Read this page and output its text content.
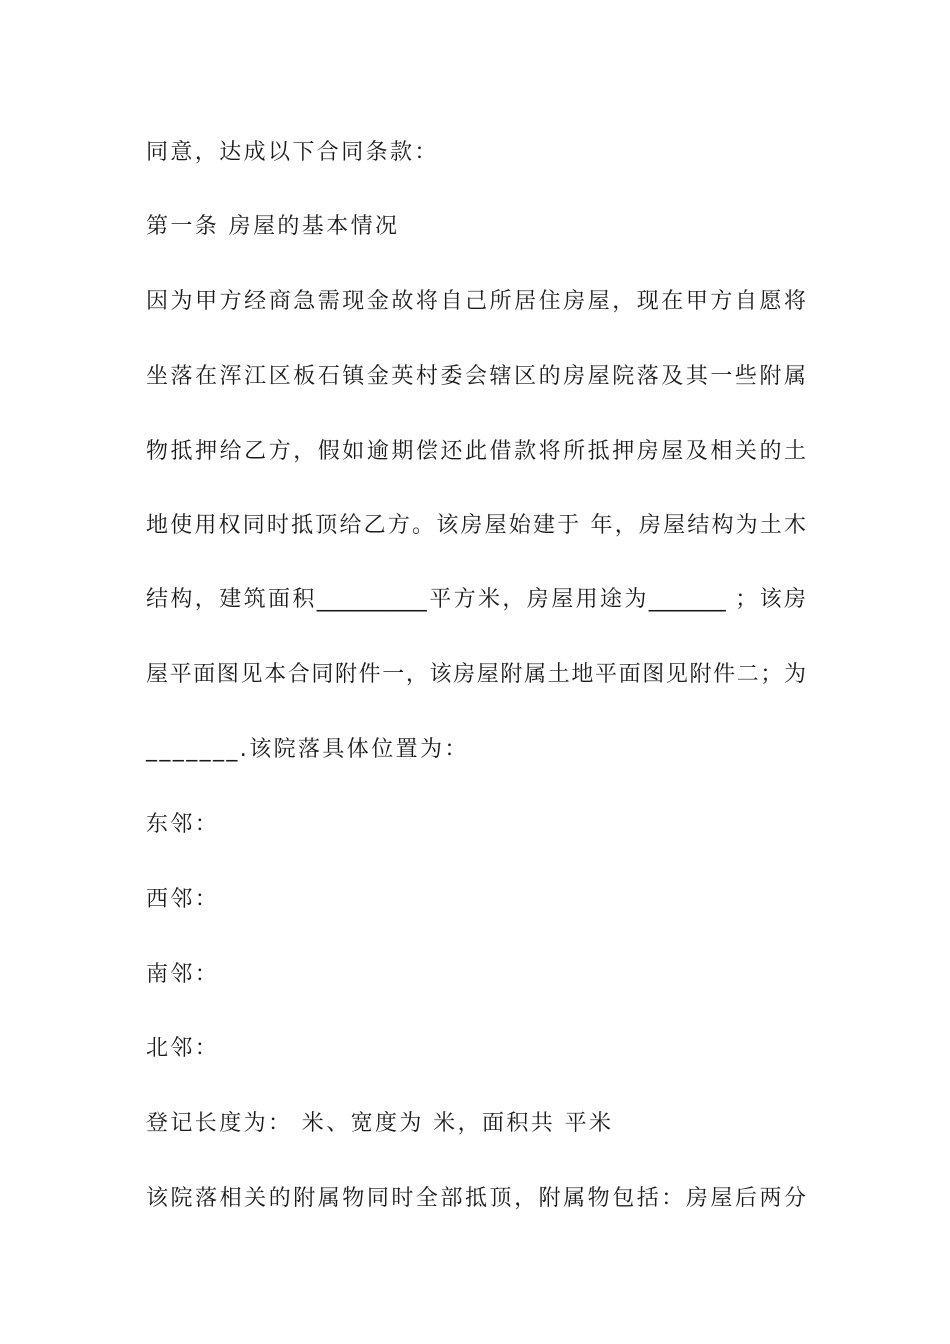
同意，达成以下合同条款：
第一条 房屋的基本情况
因为甲方经商急需现金故将自己所居住房屋，现在甲方自愿将
坐落在浑江区板石镇金英村委会辖区的房屋院落及其一些附属
物抵押给乙方，假如逾期偿还此借款将所抵押房屋及相关的土
地使用权同时抵顶给乙方。该房屋始建于 年，房屋结构为土木
结构，建筑面积__________平方米，房屋用途为_______ ；该房
屋平面图见本合同附件一，该房屋附属土地平面图见附件二；为
_______.该院落具体位置为：
东邻：
西邻：
南邻：
北邻：
登记长度为： 米、宽度为 米，面积共 平米
该院落相关的附属物同时全部抵顶，附属物包括：房屋后两分
